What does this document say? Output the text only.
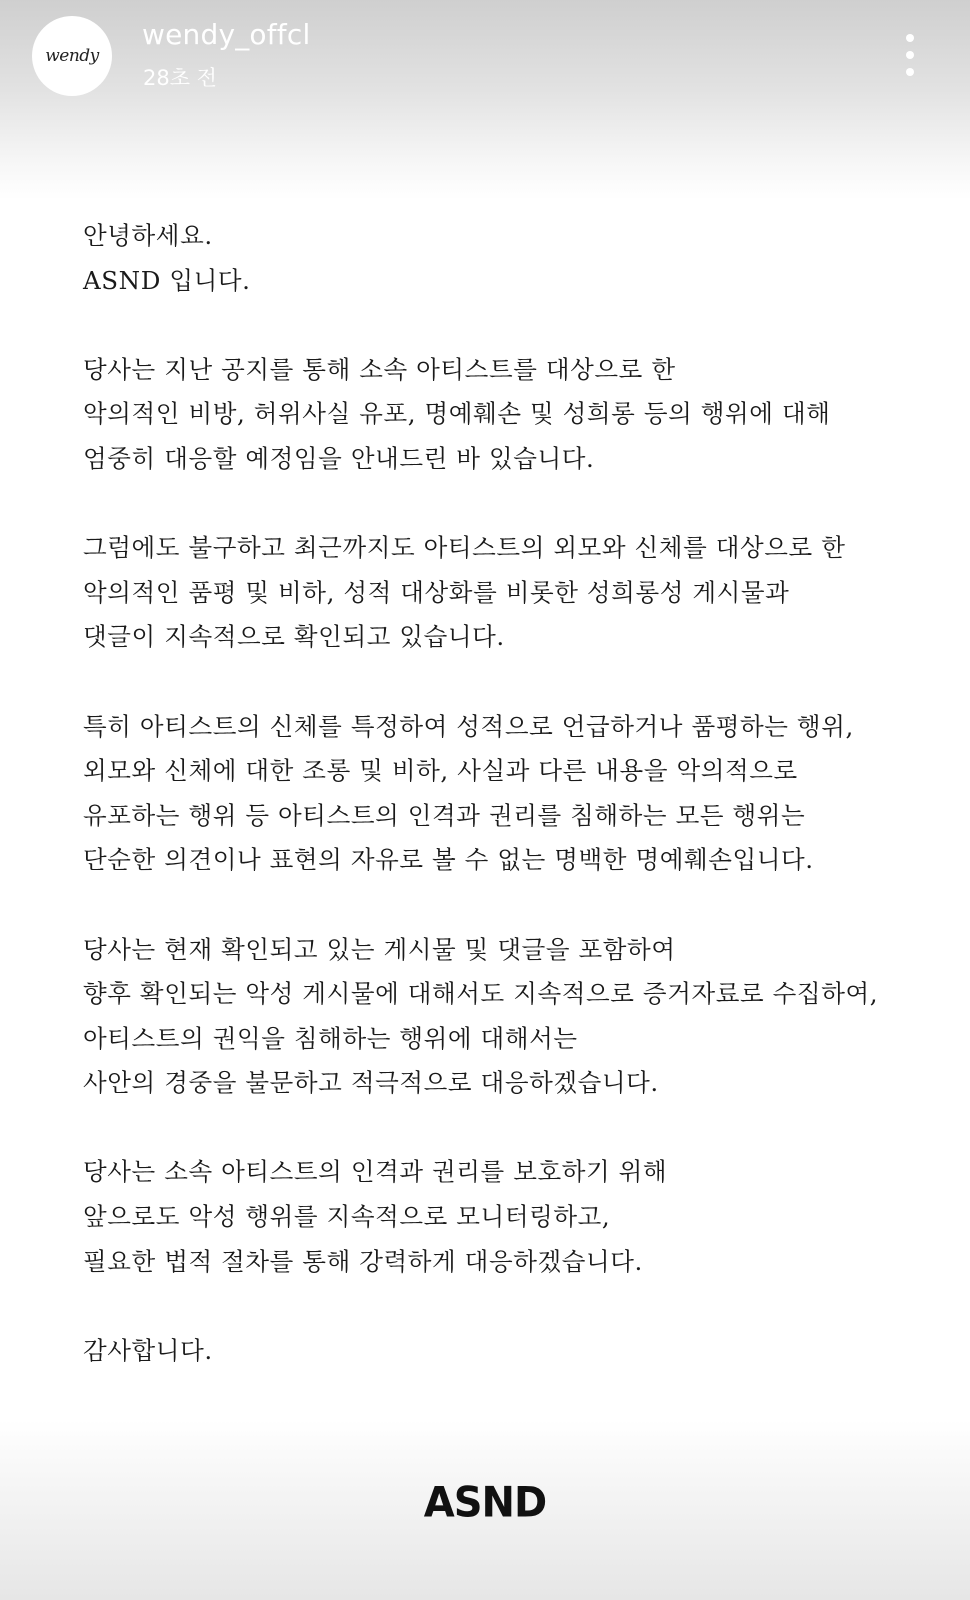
wendy
wendy_offcl
28초 전
안녕하세요.
ASND 입니다.
당사는 지난 공지를 통해 소속 아티스트를 대상으로 한
악의적인 비방, 허위사실 유포, 명예훼손 및 성희롱 등의 행위에 대해
엄중히 대응할 예정임을 안내드린 바 있습니다.
그럼에도 불구하고 최근까지도 아티스트의 외모와 신체를 대상으로 한
악의적인 품평 및 비하, 성적 대상화를 비롯한 성희롱성 게시물과
댓글이 지속적으로 확인되고 있습니다.
특히 아티스트의 신체를 특정하여 성적으로 언급하거나 품평하는 행위,
외모와 신체에 대한 조롱 및 비하, 사실과 다른 내용을 악의적으로
유포하는 행위 등 아티스트의 인격과 권리를 침해하는 모든 행위는
단순한 의견이나 표현의 자유로 볼 수 없는 명백한 명예훼손입니다.
당사는 현재 확인되고 있는 게시물 및 댓글을 포함하여
향후 확인되는 악성 게시물에 대해서도 지속적으로 증거자료로 수집하여,
아티스트의 권익을 침해하는 행위에 대해서는
사안의 경중을 불문하고 적극적으로 대응하겠습니다.
당사는 소속 아티스트의 인격과 권리를 보호하기 위해
앞으로도 악성 행위를 지속적으로 모니터링하고,
필요한 법적 절차를 통해 강력하게 대응하겠습니다.
감사합니다.
ASND
